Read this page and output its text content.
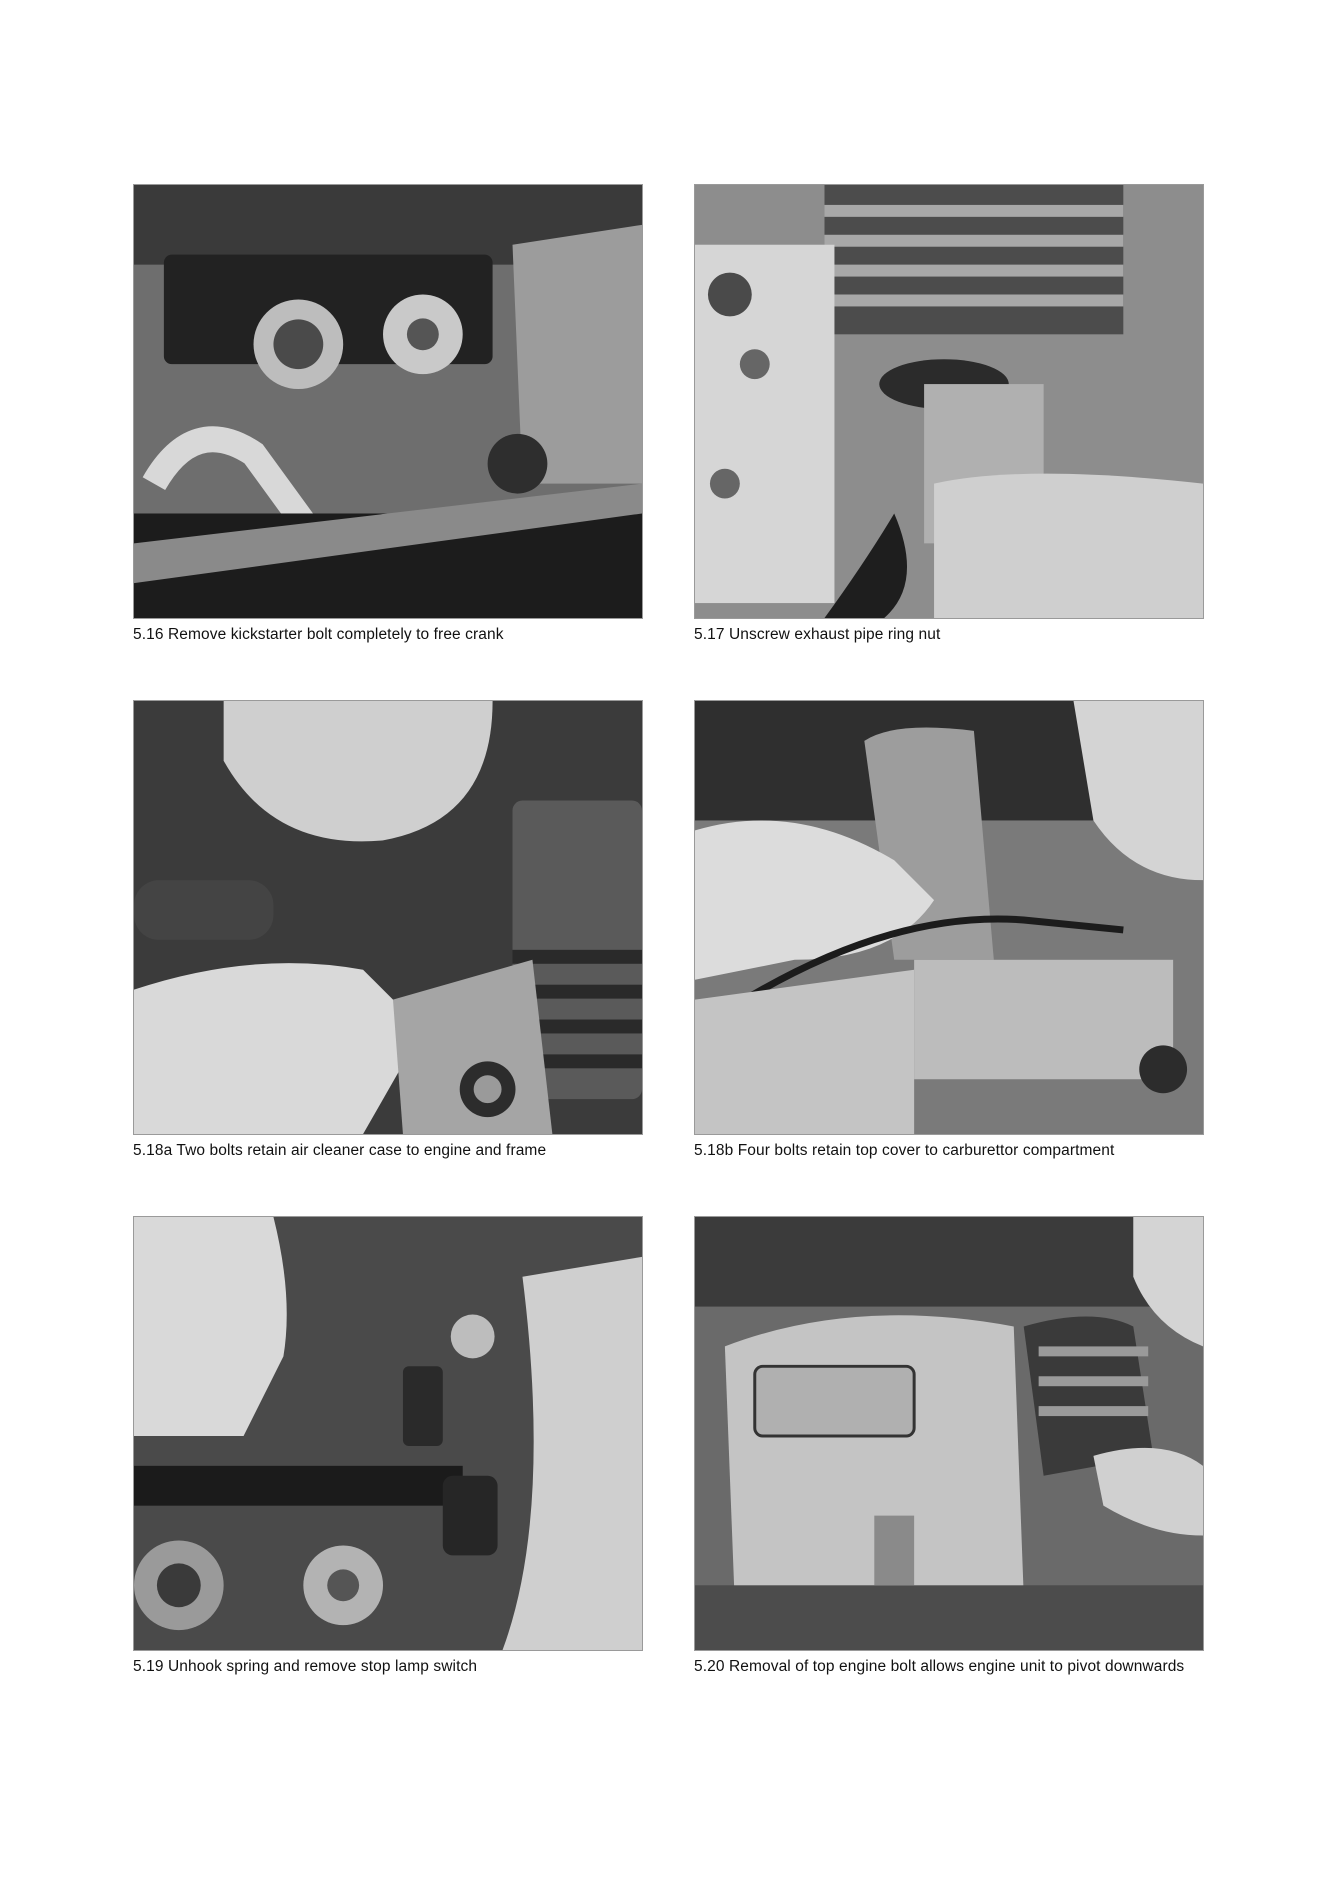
5.16 Remove kickstarter bolt completely to free crank	5.17 Unscrew exhaust pipe ring nut
5.18a Two bolts retain air cleaner case to engine and frame	5.18b Four bolts retain top cover to carburettor compartment
5.19 Unhook spring and remove stop lamp switch	5.20 Removal of top engine bolt allows engine unit to pivot downwards
